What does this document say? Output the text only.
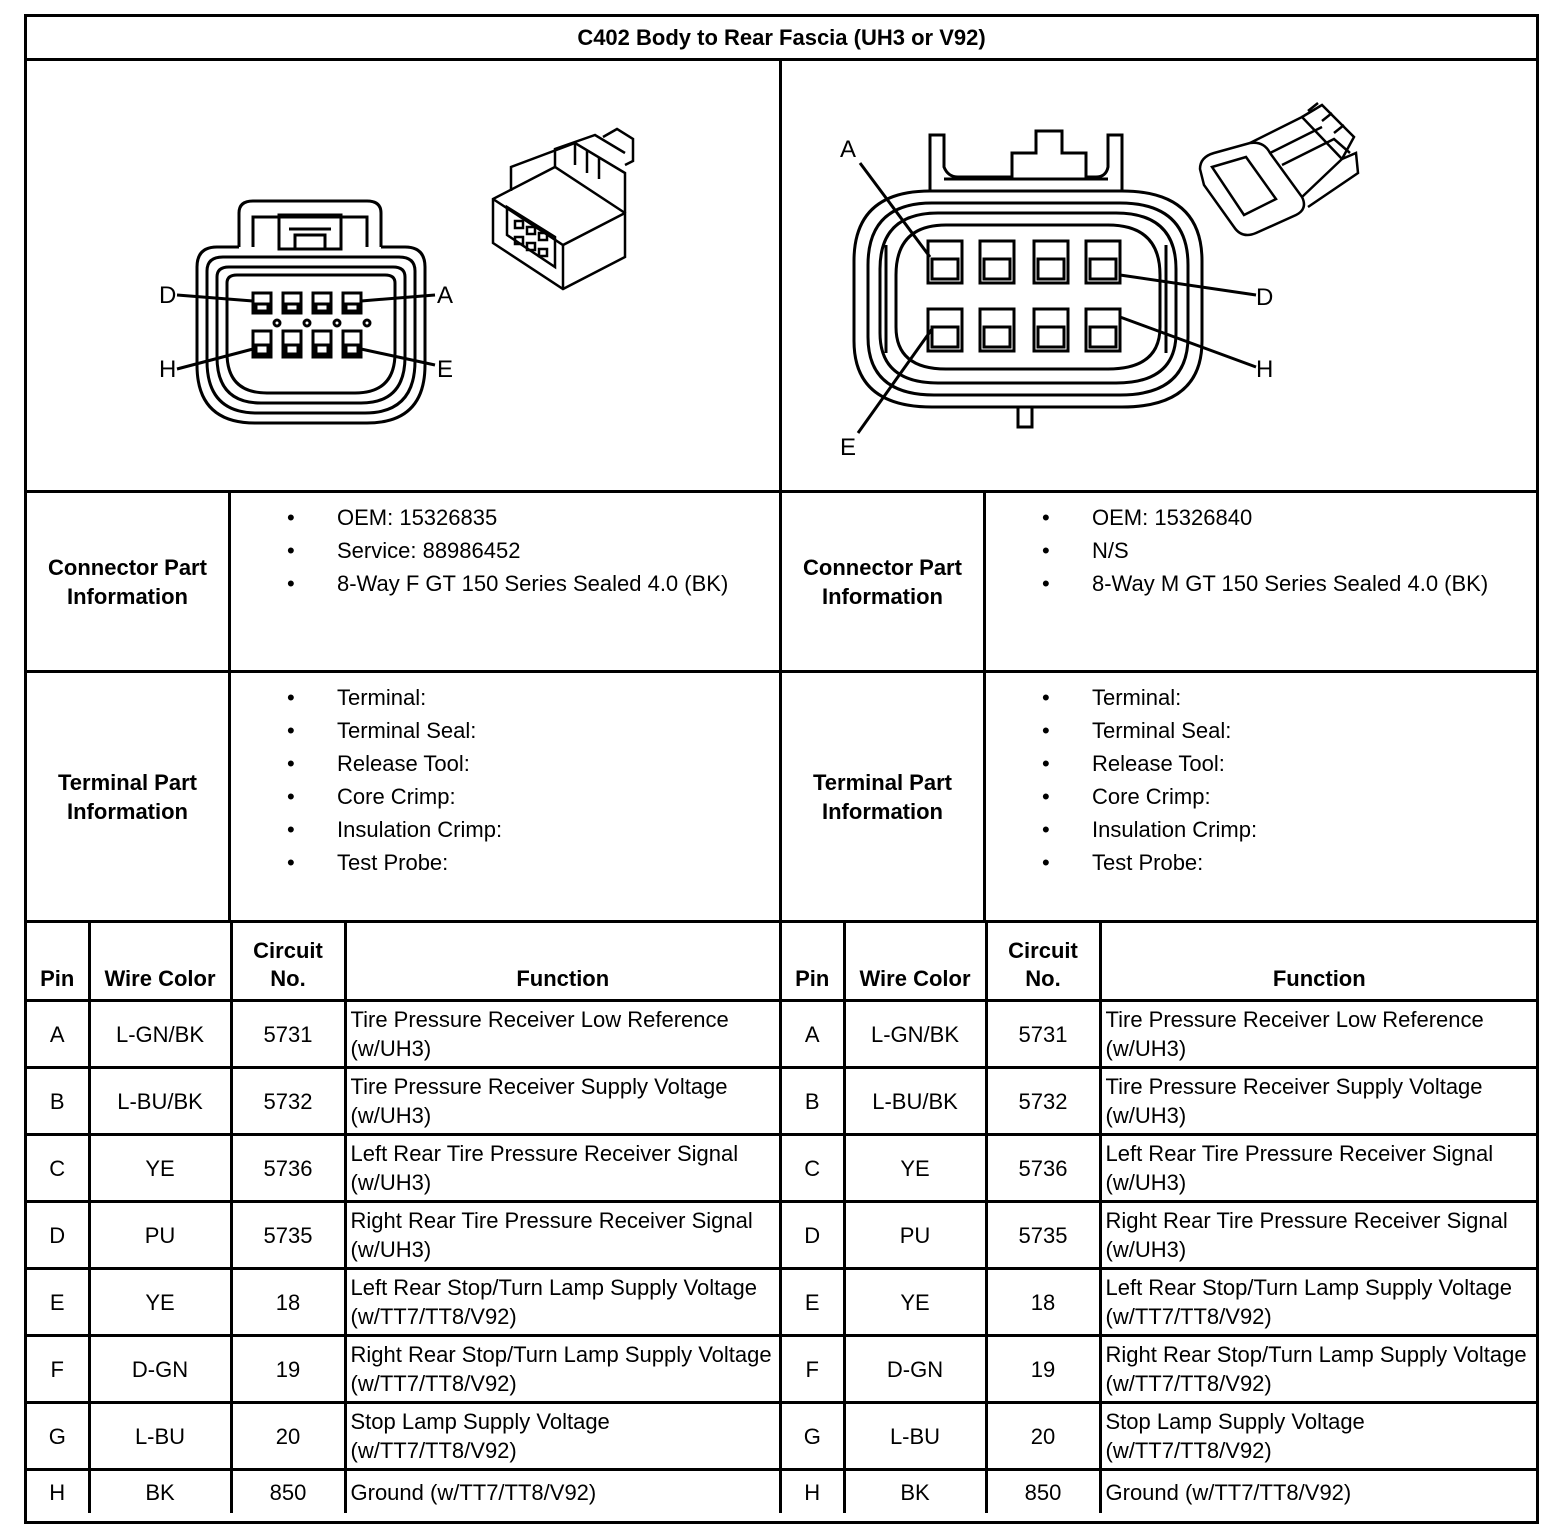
C402 Body to Rear Fascia (UH3 or V92)
D	A
H	E
Connector Part Information
• OEM: 15326835
• Service: 88986452
• 8-Way F GT 150 Series Sealed 4.0 (BK)
Terminal Part Information
• Terminal:
• Terminal Seal:
• Release Tool:
• Core Crimp:
• Insulation Crimp:
• Test Probe:
Pin	Wire Color	Circuit No.	Function
A	L-GN/BK	5731	Tire Pressure Receiver Low Reference (w/UH3)
B	L-BU/BK	5732	Tire Pressure Receiver Supply Voltage (w/UH3)
C	YE	5736	Left Rear Tire Pressure Receiver Signal (w/UH3)
D	PU	5735	Right Rear Tire Pressure Receiver Signal (w/UH3)
E	YE	18	Left Rear Stop/Turn Lamp Supply Voltage (w/TT7/TT8/V92)
F	D-GN	19	Right Rear Stop/Turn Lamp Supply Voltage (w/TT7/TT8/V92)
G	L-BU	20	Stop Lamp Supply Voltage (w/TT7/TT8/V92)
H	BK	850	Ground (w/TT7/TT8/V92)
A
D
H
E
Connector Part Information
• OEM: 15326840
• N/S
• 8-Way M GT 150 Series Sealed 4.0 (BK)
Terminal Part Information
• Terminal:
• Terminal Seal:
• Release Tool:
• Core Crimp:
• Insulation Crimp:
• Test Probe:
Pin	Wire Color	Circuit No.	Function
A	L-GN/BK	5731	Tire Pressure Receiver Low Reference (w/UH3)
B	L-BU/BK	5732	Tire Pressure Receiver Supply Voltage (w/UH3)
C	YE	5736	Left Rear Tire Pressure Receiver Signal (w/UH3)
D	PU	5735	Right Rear Tire Pressure Receiver Signal (w/UH3)
E	YE	18	Left Rear Stop/Turn Lamp Supply Voltage (w/TT7/TT8/V92)
F	D-GN	19	Right Rear Stop/Turn Lamp Supply Voltage (w/TT7/TT8/V92)
G	L-BU	20	Stop Lamp Supply Voltage (w/TT7/TT8/V92)
H	BK	850	Ground (w/TT7/TT8/V92)
